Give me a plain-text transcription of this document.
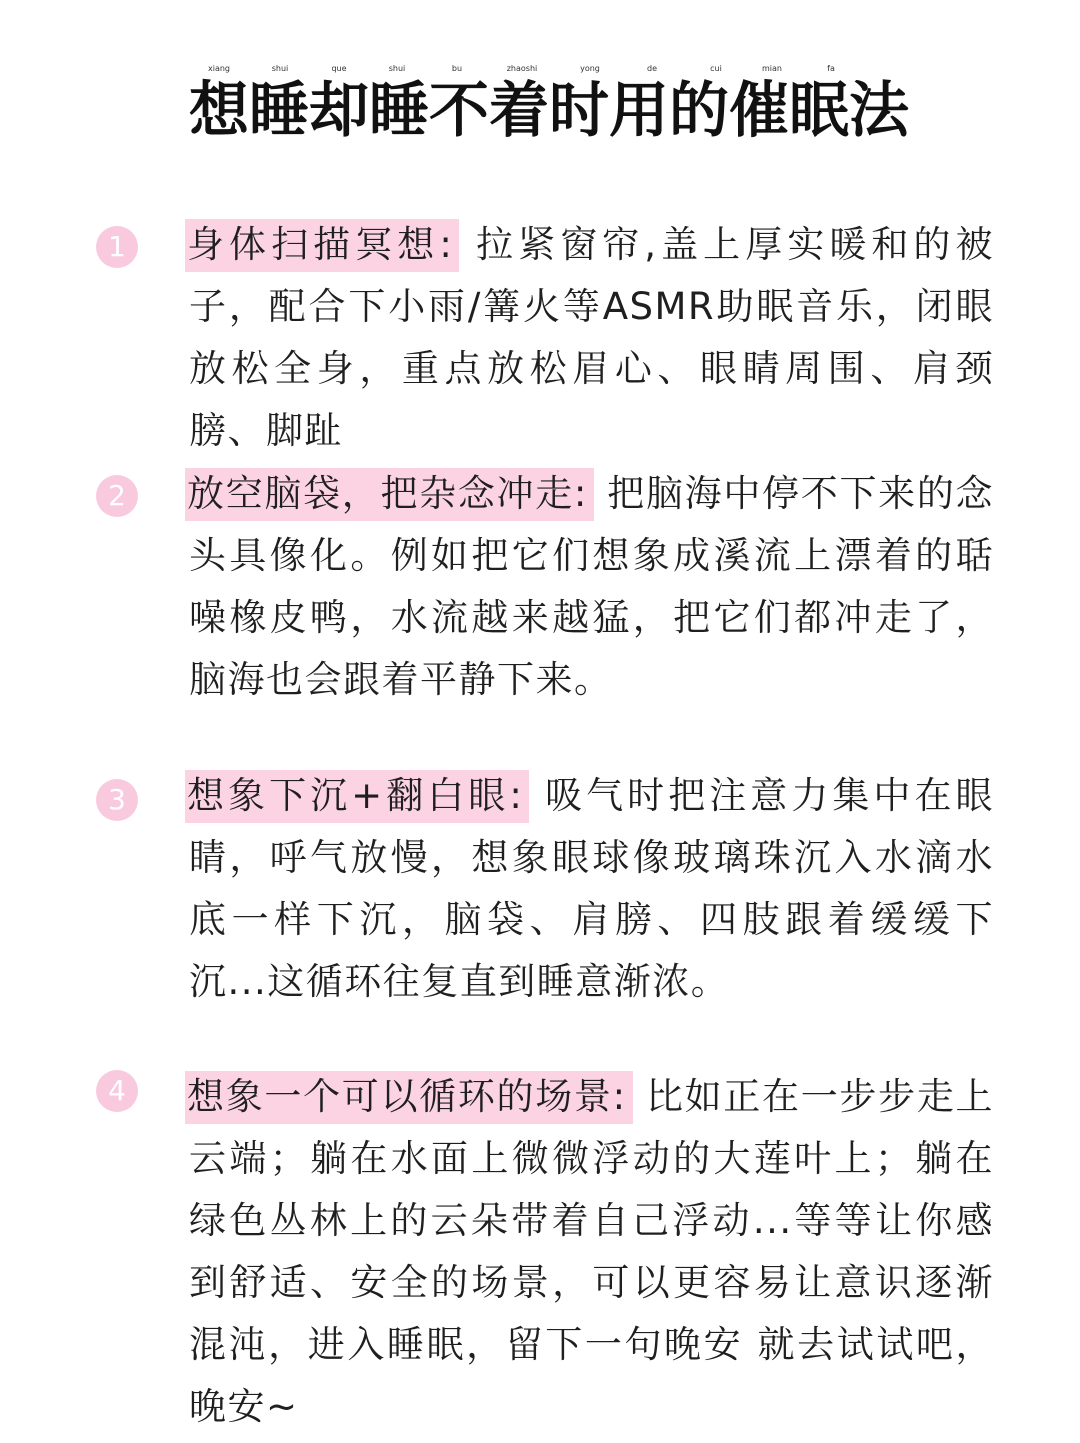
xiang	shui	que	shui	bu	zhaoshi	yong	de	cui	mian	fa
想睡却睡不着时用的催眠法
1	身体扫描冥想: 拉紧窗帘,盖上厚实暖和的被子，配合下小雨/篝火等ASMR助眠音乐，闭眼放松全身，重点放松眉心、眼睛周围、肩颈膀、脚趾
2	放空脑袋，把杂念冲走: 把脑海中停不下来的念头具像化。例如把它们想象成溪流上漂着的聒噪橡皮鸭，水流越来越猛，把它们都冲走了，脑海也会跟着平静下来。
3	想象下沉+翻白眼: 吸气时把注意力集中在眼睛，呼气放慢，想象眼球像玻璃珠沉入水滴水底一样下沉，脑袋、肩膀、四肢跟着缓缓下沉...这循环往复直到睡意渐浓。
4	想象一个可以循环的场景: 比如正在一步步走上云端；躺在水面上微微浮动的大莲叶上；躺在绿色丛林上的云朵带着自己浮动...等等让你感到舒适、安全的场景，可以更容易让意识逐渐混沌，进入睡眠，留下一句晚安 就去试试吧，晚安~
